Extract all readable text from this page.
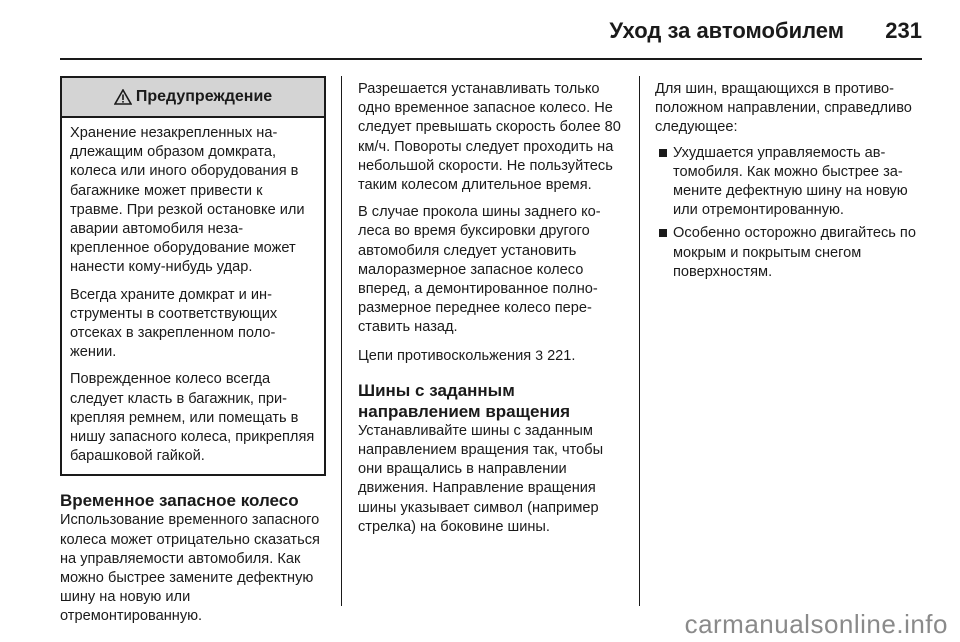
Уход за автомобилем 231
Предупреждение

Хранение незакрепленных надлежащим образом домкрата, колеса или иного оборудования в багажнике может привести к травме. При резкой остановке или аварии автомобиля незакрепленное оборудование может нанести кому-нибудь удар.

Всегда храните домкрат и инструменты в соответствующих отсеках в закрепленном положении.

Поврежденное колесо всегда следует класть в багажник, прикрепляя ремнем, или помещать в нишу запасного колеса, прикрепляя барашковой гайкой.

Временное запасное колесо

Использование временного запасного колеса может отрицательно сказаться на управляемости автомобиля. Как можно быстрее замените дефектную шину на новую или отремонтированную.

Разрешается устанавливать только одно временное запасное колесо. Не следует превышать скорость более 80 км/ч. Повороты следует проходить на небольшой скорости. Не пользуйтесь таким колесом длительное время.

В случае прокола шины заднего колеса во время буксировки другого автомобиля следует установить малоразмерное запасное колесо вперед, а демонтированное полноразмерное переднее колесо переставить назад.

Цепи противоскольжения 3 221.

Шины с заданным направлением вращения

Устанавливайте шины с заданным направлением вращения так, чтобы они вращались в направлении движения. Направление вращения шины указывает символ (например стрелка) на боковине шины.

Для шин, вращающихся в противоположном направлении, справедливо следующее:

Ухудшается управляемость автомобиля. Как можно быстрее замените дефектную шину на новую или отремонтированную.
Особенно осторожно двигайтесь по мокрым и покрытым снегом поверхностям.
carmanualsonline.info
